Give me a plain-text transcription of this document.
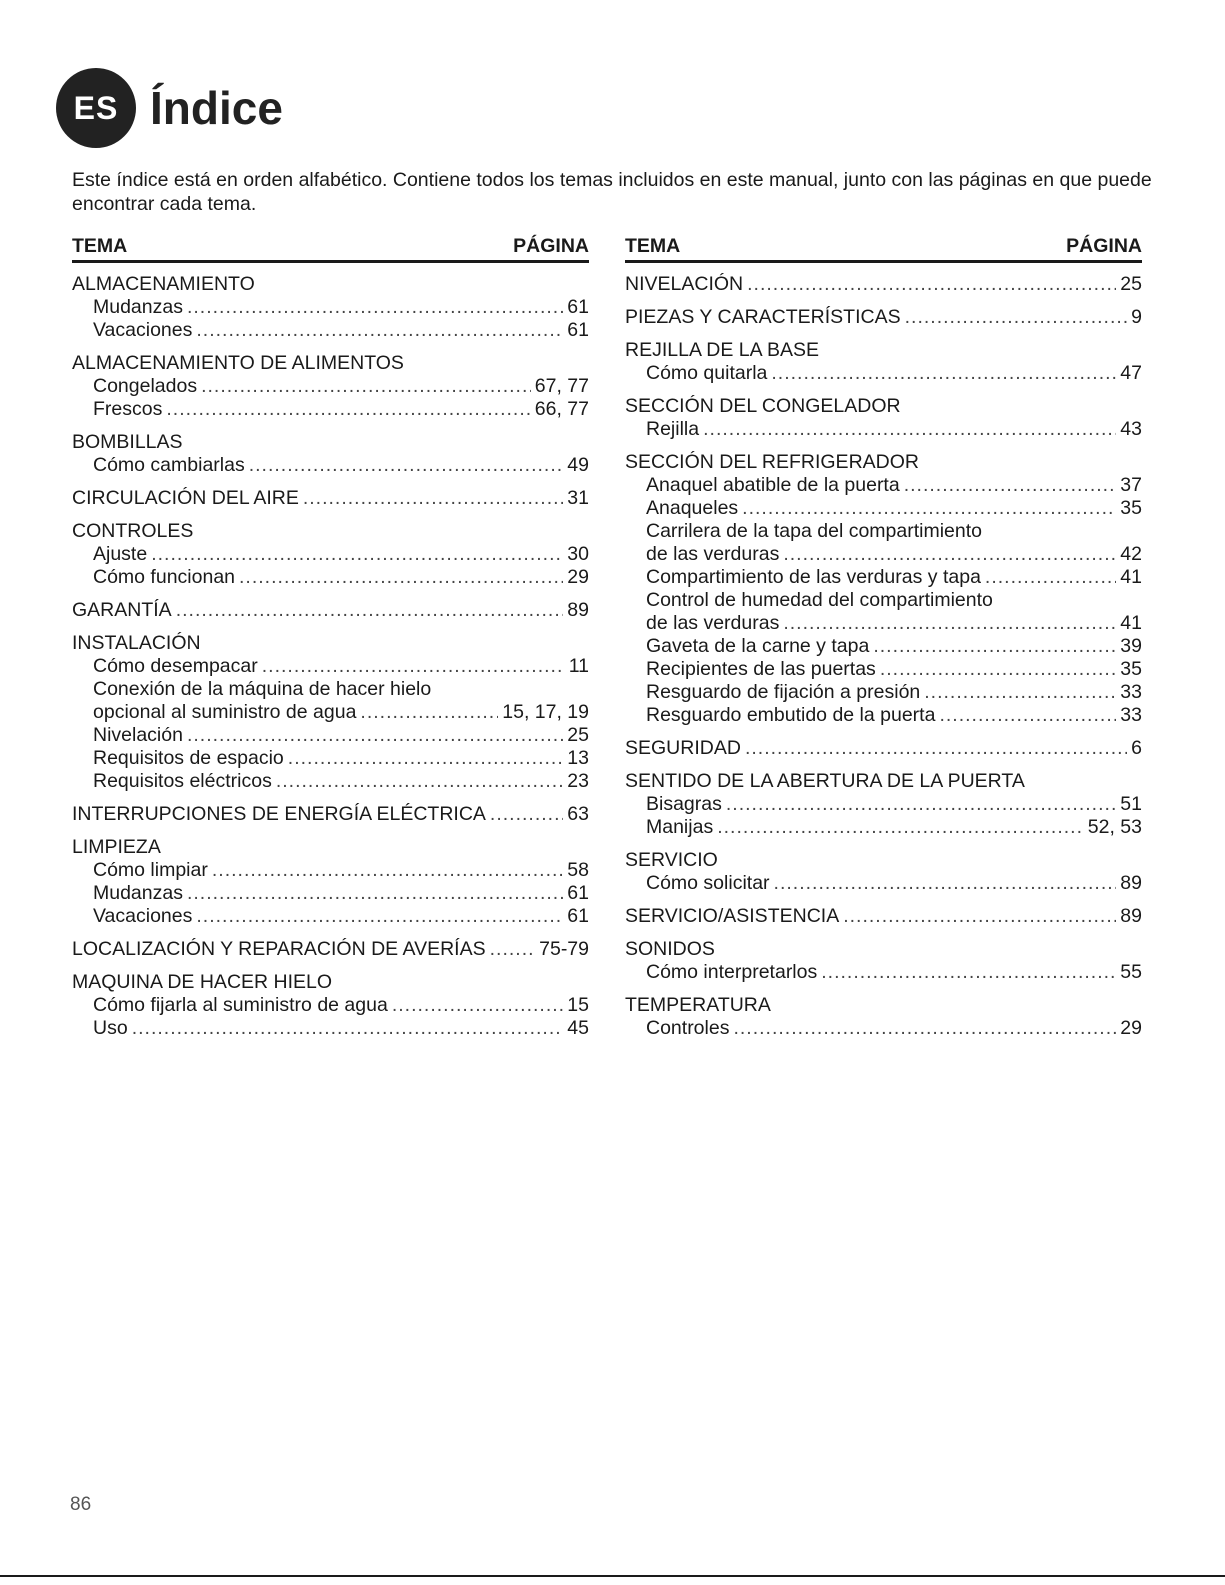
ES Índice
Este índice está en orden alfabético. Contiene todos los temas incluidos en este manual, junto con las páginas en que puede encontrar cada tema.
TEMA	PÁGINA
ALMACENAMIENTO
Mudanzas .....	61
Vacaciones .....	61
ALMACENAMIENTO DE ALIMENTOS
Congelados .....	67, 77
Frescos .....	66, 77
BOMBILLAS
Cómo cambiarlas .....	49
CIRCULACIÓN DEL AIRE .....	31
CONTROLES
Ajuste .....	30
Cómo funcionan .....	29
GARANTÍA .....	89
INSTALACIÓN
Cómo desempacar .....	11
Conexión de la máquina de hacer hielo
opcional al suministro de agua .....	15, 17, 19
Nivelación .....	25
Requisitos de espacio .....	13
Requisitos eléctricos .....	23
INTERRUPCIONES DE ENERGÍA ELÉCTRICA .....	63
LIMPIEZA
Cómo limpiar .....	58
Mudanzas .....	61
Vacaciones .....	61
LOCALIZACIÓN Y REPARACIÓN DE AVERÍAS .....	75-79
MAQUINA DE HACER HIELO
Cómo fijarla al suministro de agua .....	15
Uso .....	45
TEMA	PÁGINA
NIVELACIÓN .....	25
PIEZAS Y CARACTERÍSTICAS .....	9
REJILLA DE LA BASE
Cómo quitarla .....	47
SECCIÓN DEL CONGELADOR
Rejilla .....	43
SECCIÓN DEL REFRIGERADOR
Anaquel abatible de la puerta .....	37
Anaqueles .....	35
Carrilera de la tapa del compartimiento
de las verduras .....	42
Compartimiento de las verduras y tapa .....	41
Control de humedad del compartimiento
de las verduras .....	41
Gaveta de la carne y tapa .....	39
Recipientes de las puertas .....	35
Resguardo de fijación a presión .....	33
Resguardo embutido de la puerta .....	33
SEGURIDAD .....	6
SENTIDO DE LA ABERTURA DE LA PUERTA
Bisagras .....	51
Manijas .....	52, 53
SERVICIO
Cómo solicitar .....	89
SERVICIO/ASISTENCIA .....	89
SONIDOS
Cómo interpretarlos .....	55
TEMPERATURA
Controles .....	29
86
